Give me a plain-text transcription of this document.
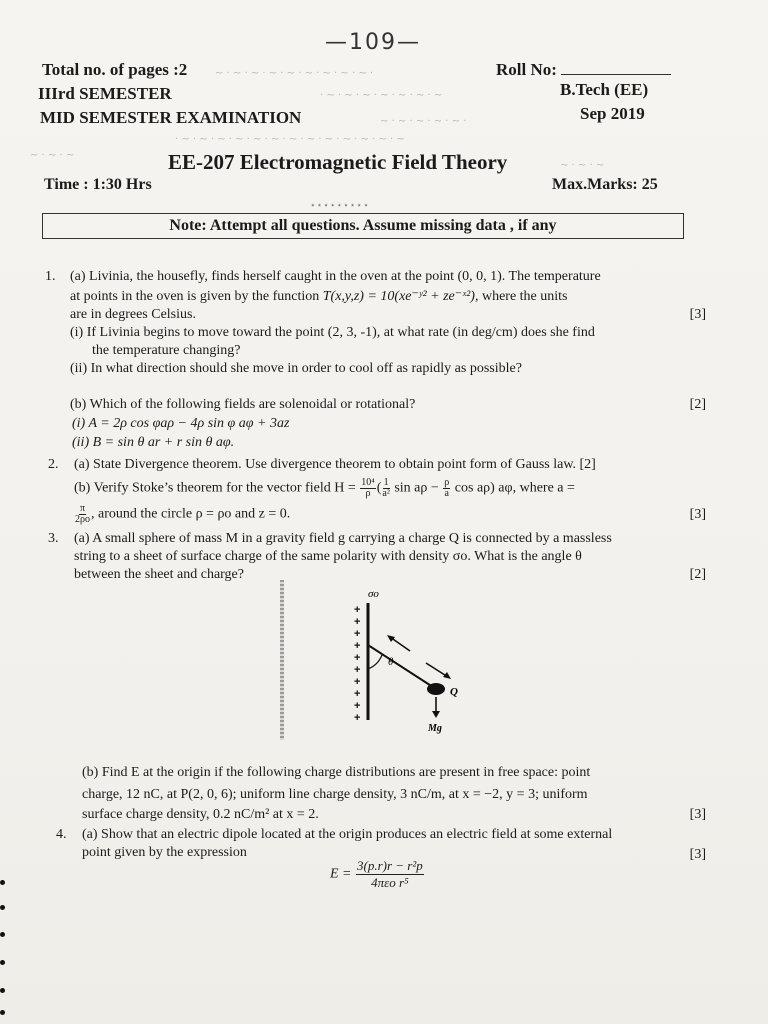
—109—
~ · ~ · ~ · ~ · ~ · ~ · ~ · ~ · ~ ·
· ~ · ~ · ~ · ~ · ~ · ~ · ~
~ · ~ · ~ · ~ · ~ ·
· ~ · ~ · ~ · ~ · ~ · ~ · ~ · ~ · ~ · ~ · ~ · ~ · ~
~ · ~ · ~
~ · ~ · ~
Total no. of pages :2	Roll No:
IIIrd SEMESTER	B.Tech (EE)
MID SEMESTER EXAMINATION	Sep 2019
EE-207 Electromagnetic Field Theory
Time : 1:30 Hrs	Max.Marks: 25
⋆⋆⋆⋆⋆⋆⋆⋆⋆
Note: Attempt all questions. Assume missing data , if any
1. (a) Livinia, the housefly, finds herself caught in the oven at the point (0, 0, 1). The temperature
at points in the oven is given by the function T(x,y,z) = 10(xe⁻ʸ² + ze⁻ˣ²), where the units
are in degrees Celsius.	[3]
(i) If Livinia begins to move toward the point (2, 3, -1), at what rate (in deg/cm) does she find
the temperature changing?
(ii) In what direction should she move in order to cool off as rapidly as possible?
(b) Which of the following fields are solenoidal or rotational?	[2]
(i) A = 2ρ cos φaρ − 4ρ sin φ aφ + 3az
(ii) B = sin θ ar + r sin θ aφ.
2. (a) State Divergence theorem. Use divergence theorem to obtain point form of Gauss law. [2]
(b) Verify Stoke’s theorem for the vector field $H = \frac{\text{10⁴}}{\rho}$ ( $\frac{1}{\text{a²}}$ $\sin a\rho - \frac{\rho}{a}$ cos aρ) aφ, where a =
$\frac{\pi}{2\rho o}$ , around the circle ρ = ρo and z = 0.	[3]
3. (a) A small sphere of mass M in a gravity field g carrying a charge Q is connected by a massless
string to a sheet of surface charge of the same polarity with density σo. What is the angle θ
between the sheet and charge?	[2]
+
+
+
+
+
+
+
+
+
+
σo
θ
Q
Mg
(b) Find E at the origin if the following charge distributions are present in free space: point
charge, 12 nC, at P(2, 0, 6); uniform line charge density, 3 nC/m, at x = −2, y = 3; uniform
surface charge density, 0.2 nC/m² at x = 2.	[3]
4. (a) Show that an electric dipole located at the origin produces an electric field at some external
point given by the expression	[3]
$E = \frac{\text{3(p.r)r − r²p}}{\text{4πεo r⁵}}$
